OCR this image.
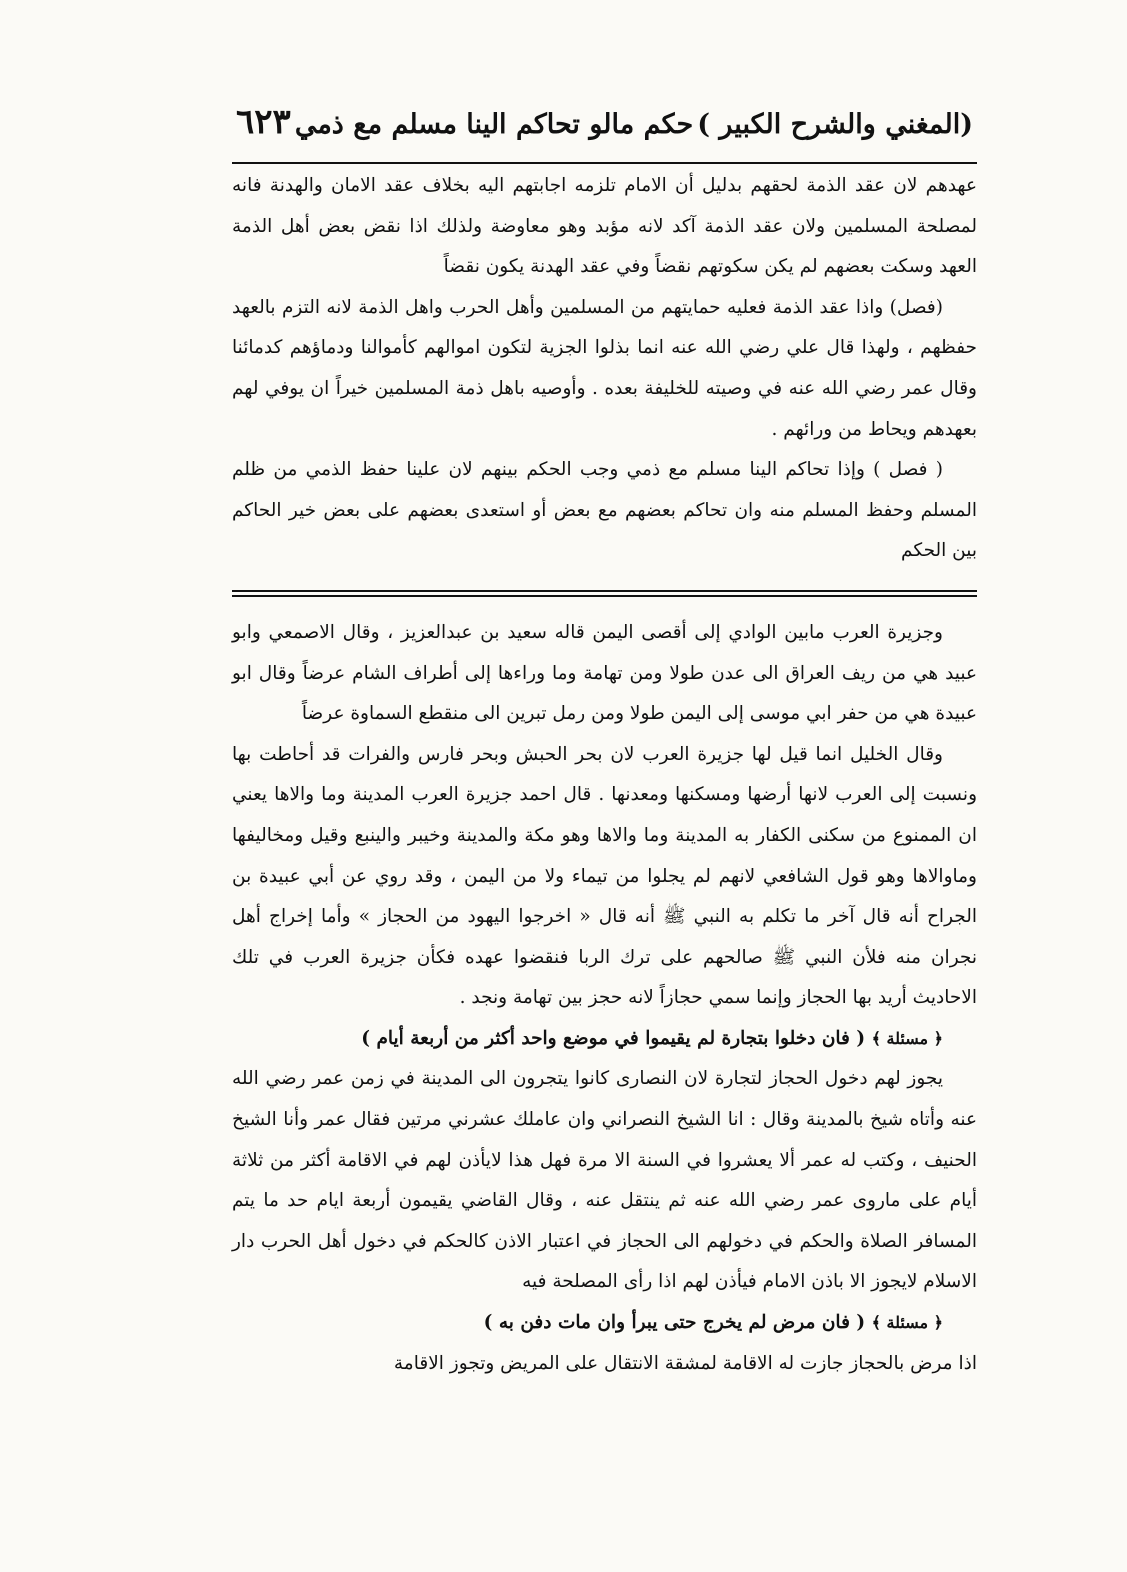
(المغني والشرح الكبير )
حكم مالو تحاكم الينا مسلم مع ذمي
٦٢٣

عهدهم لان عقد الذمة لحقهم بدليل أن الامام تلزمه اجابتهم اليه بخلاف عقد الامان والهدنة فانه لمصلحة المسلمين ولان عقد الذمة آكد لانه مؤبد وهو معاوضة ولذلك اذا نقض بعض أهل الذمة العهد وسكت بعضهم لم يكن سكوتهم نقضاً وفي عقد الهدنة يكون نقضاً

(فصل) واذا عقد الذمة فعليه حمايتهم من المسلمين وأهل الحرب واهل الذمة لانه التزم بالعهد حفظهم ، ولهذا قال علي رضي الله عنه انما بذلوا الجزية لتكون اموالهم كأموالنا ودماؤهم كدمائنا وقال عمر رضي الله عنه في وصيته للخليفة بعده . وأوصيه باهل ذمة المسلمين خيراً ان يوفي لهم بعهدهم ويحاط من ورائهم .

( فصل ) وإذا تحاكم الينا مسلم مع ذمي وجب الحكم بينهم لان علينا حفظ الذمي من ظلم المسلم وحفظ المسلم منه وان تحاكم بعضهم مع بعض أو استعدى بعضهم على بعض خير الحاكم بين الحكم

وجزيرة العرب مابين الوادي إلى أقصى اليمن قاله سعيد بن عبدالعزيز ، وقال الاصمعي وابو عبيد هي من ريف العراق الى عدن طولا ومن تهامة وما وراءها إلى أطراف الشام عرضاً وقال ابو عبيدة هي من حفر ابي موسى إلى اليمن طولا ومن رمل تبرين الى منقطع السماوة عرضاً

وقال الخليل انما قيل لها جزيرة العرب لان بحر الحبش وبحر فارس والفرات قد أحاطت بها ونسبت إلى العرب لانها أرضها ومسكنها ومعدنها . قال احمد جزيرة العرب المدينة وما والاها يعني ان الممنوع من سكنى الكفار به المدينة وما والاها وهو مكة والمدينة وخيبر والينبع وقيل ومخاليفها وماوالاها وهو قول الشافعي لانهم لم يجلوا من تيماء ولا من اليمن ، وقد روي عن أبي عبيدة بن الجراح أنه قال آخر ما تكلم به النبي ﷺ أنه قال « اخرجوا اليهود من الحجاز » وأما إخراج أهل نجران منه فلأن النبي ﷺ صالحهم على ترك الربا فنقضوا عهده فكأن جزيرة العرب في تلك الاحاديث أريد بها الحجاز وإنما سمي حجازاً لانه حجز بين تهامة ونجد .

﴿ مسئلة ﴾ ( فان دخلوا بتجارة لم يقيموا في موضع واحد أكثر من أربعة أيام )

يجوز لهم دخول الحجاز لتجارة لان النصارى كانوا يتجرون الى المدينة في زمن عمر رضي الله عنه وأتاه شيخ بالمدينة وقال : انا الشيخ النصراني وان عاملك عشرني مرتين فقال عمر وأنا الشيخ الحنيف ، وكتب له عمر ألا يعشروا في السنة الا مرة فهل هذا لايأذن لهم في الاقامة أكثر من ثلاثة أيام على ماروى عمر رضي الله عنه ثم ينتقل عنه ، وقال القاضي يقيمون أربعة ايام حد ما يتم المسافر الصلاة والحكم في دخولهم الى الحجاز في اعتبار الاذن كالحكم في دخول أهل الحرب دار الاسلام لايجوز الا باذن الامام فيأذن لهم اذا رأى المصلحة فيه

﴿ مسئلة ﴾ ( فان مرض لم يخرج حتى يبرأ وان مات دفن به )

اذا مرض بالحجاز جازت له الاقامة لمشقة الانتقال على المريض وتجوز الاقامة
